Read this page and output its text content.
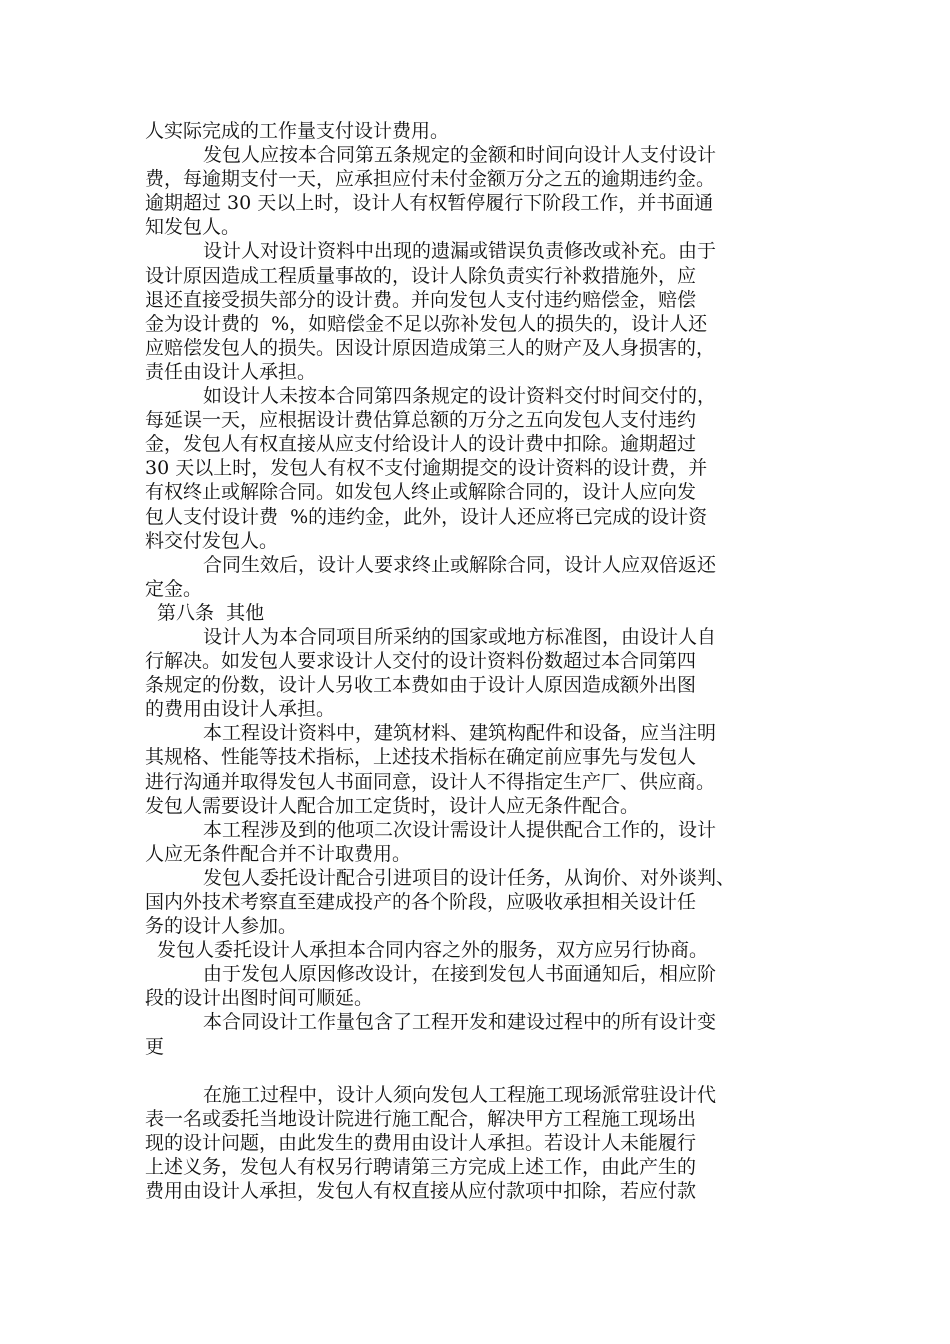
人实际完成的工作量支付设计费用。
发包人应按本合同第五条规定的金额和时间向设计人支付设计
费，每逾期支付一天，应承担应付未付金额万分之五的逾期违约金。
逾期超过 30 天以上时，设计人有权暂停履行下阶段工作，并书面通
知发包人。
设计人对设计资料中出现的遗漏或错误负责修改或补充。由于
设计原因造成工程质量事故的，设计人除负责实行补救措施外，应
退还直接受损失部分的设计费。并向发包人支付违约赔偿金，赔偿
金为设计费的  %，如赔偿金不足以弥补发包人的损失的，设计人还
应赔偿发包人的损失。因设计原因造成第三人的财产及人身损害的，
责任由设计人承担。
如设计人未按本合同第四条规定的设计资料交付时间交付的，
每延误一天，应根据设计费估算总额的万分之五向发包人支付违约
金，发包人有权直接从应支付给设计人的设计费中扣除。逾期超过
30 天以上时，发包人有权不支付逾期提交的设计资料的设计费，并
有权终止或解除合同。如发包人终止或解除合同的，设计人应向发
包人支付设计费  %的违约金，此外，设计人还应将已完成的设计资
料交付发包人。
合同生效后，设计人要求终止或解除合同，设计人应双倍返还
定金。
第八条  其他
设计人为本合同项目所采纳的国家或地方标准图，由设计人自
行解决。如发包人要求设计人交付的设计资料份数超过本合同第四
条规定的份数，设计人另收工本费如由于设计人原因造成额外出图
的费用由设计人承担。
本工程设计资料中，建筑材料、建筑构配件和设备，应当注明
其规格、性能等技术指标，上述技术指标在确定前应事先与发包人
进行沟通并取得发包人书面同意，设计人不得指定生产厂、供应商。
发包人需要设计人配合加工定货时，设计人应无条件配合。
本工程涉及到的他项二次设计需设计人提供配合工作的，设计
人应无条件配合并不计取费用。
发包人委托设计配合引进项目的设计任务，从询价、对外谈判、
国内外技术考察直至建成投产的各个阶段，应吸收承担相关设计任
务的设计人参加。
发包人委托设计人承担本合同内容之外的服务，双方应另行协商。
由于发包人原因修改设计，在接到发包人书面通知后，相应阶
段的设计出图时间可顺延。
本合同设计工作量包含了工程开发和建设过程中的所有设计变
更
在施工过程中，设计人须向发包人工程施工现场派常驻设计代
表一名或委托当地设计院进行施工配合，解决甲方工程施工现场出
现的设计问题，由此发生的费用由设计人承担。若设计人未能履行
上述义务，发包人有权另行聘请第三方完成上述工作，由此产生的
费用由设计人承担，发包人有权直接从应付款项中扣除，若应付款
